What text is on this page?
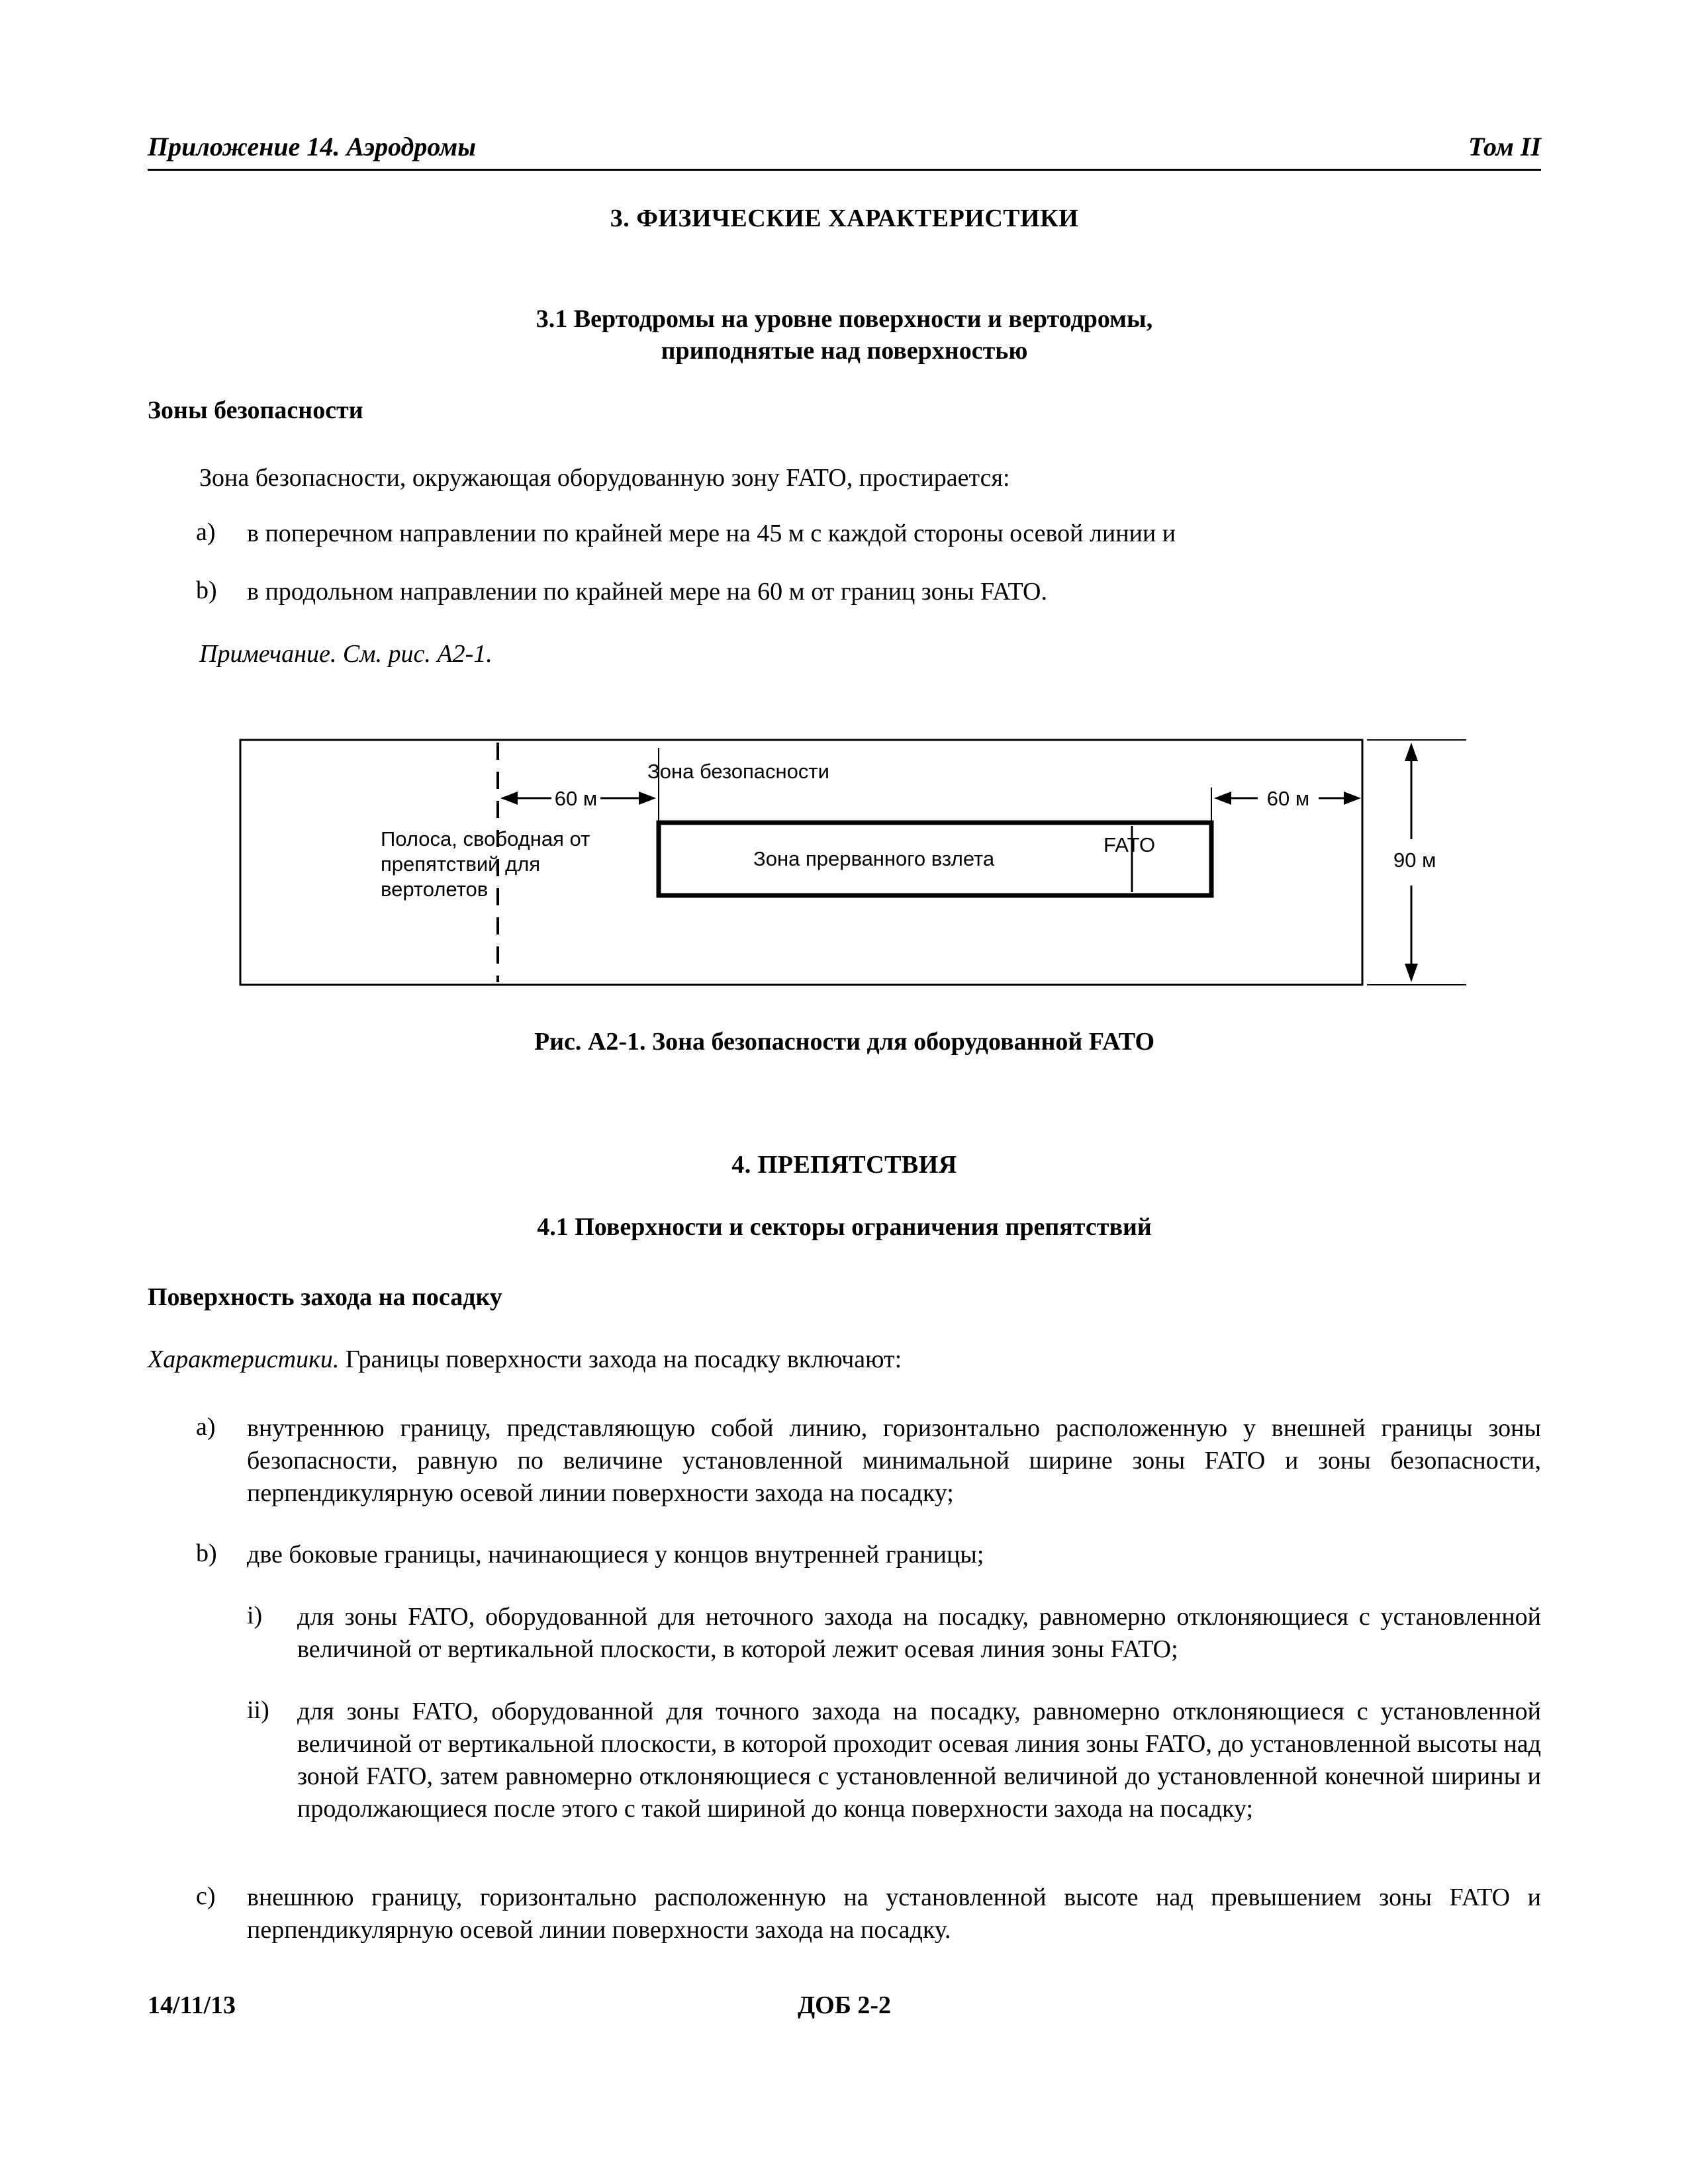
Приложение 14. Аэродромы	Том II
3. ФИЗИЧЕСКИЕ ХАРАКТЕРИСТИКИ
3.1 Вертодромы на уровне поверхности и вертодромы,
приподнятые над поверхностью
Зоны безопасности
Зона безопасности, окружающая оборудованную зону FATO, простирается:
a) в поперечном направлении по крайней мере на 45 м с каждой стороны осевой линии и
b) в продольном направлении по крайней мере на 60 м от границ зоны FATO.
Примечание. См. рис. А2-1.
Зона безопасности
60 м	60 м
Полоса, свободная от
препятствий для
вертолетов
Зона прерванного взлета
FATO
90 м
Рис. А2-1. Зона безопасности для оборудованной FATO
4. ПРЕПЯТСТВИЯ
4.1 Поверхности и секторы ограничения препятствий
Поверхность захода на посадку
Характеристики. Границы поверхности захода на посадку включают:
a) внутреннюю границу, представляющую собой линию, горизонтально расположенную у внешней границы зоны безопасности, равную по величине установленной минимальной ширине зоны FATO и зоны безопасности, перпендикулярную осевой линии поверхности захода на посадку;
b) две боковые границы, начинающиеся у концов внутренней границы;
i) для зоны FATO, оборудованной для неточного захода на посадку, равномерно отклоняющиеся с установленной величиной от вертикальной плоскости, в которой лежит осевая линия зоны FATO;
ii) для зоны FATO, оборудованной для точного захода на посадку, равномерно отклоняющиеся с установленной величиной от вертикальной плоскости, в которой проходит осевая линия зоны FATO, до установленной высоты над зоной FATO, затем равномерно отклоняющиеся с установленной величиной до установленной конечной ширины и продолжающиеся после этого с такой шириной до конца поверхности захода на посадку;
c) внешнюю границу, горизонтально расположенную на установленной высоте над превышением зоны FATO и перпендикулярную осевой линии поверхности захода на посадку.
14/11/13	ДОБ 2-2
